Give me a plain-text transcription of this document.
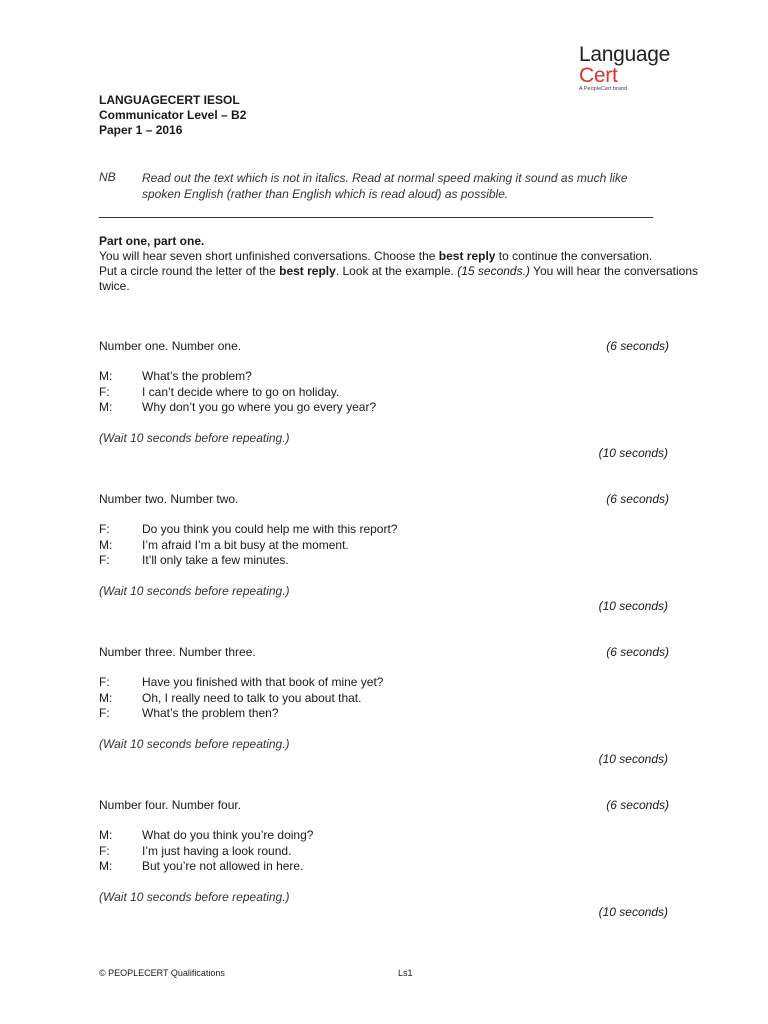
Language
Cert
A PeopleCert brand
LANGUAGECERT IESOL
Communicator Level – B2
Paper 1 – 2016
NB Read out the text which is not in italics. Read at normal speed making it sound as much like spoken English (rather than English which is read aloud) as possible.
Part one, part one.

You will hear seven short unfinished conversations. Choose the best reply to continue the conversation.

Put a circle round the letter of the best reply. Look at the example. (15 seconds.) You will hear the conversations twice.

Number one. Number one.	(6 seconds)
M: What’s the problem?
F:	I can’t decide where to go on holiday.
M: Why don’t you go where you go every year?
(Wait 10 seconds before repeating.)
(10 seconds)
Number two. Number two.	(6 seconds)
F:	Do you think you could help me with this report?
M: I’m afraid I’m a bit busy at the moment.
F:	It’ll only take a few minutes.
(Wait 10 seconds before repeating.)
(10 seconds)
Number three. Number three.	(6 seconds)
F:	Have you finished with that book of mine yet?
M: Oh, I really need to talk to you about that.
F:	What’s the problem then?
(Wait 10 seconds before repeating.)
(10 seconds)
Number four. Number four.	(6 seconds)
M: What do you think you’re doing?
F:	I’m just having a look round.
M: But you’re not allowed in here.
(Wait 10 seconds before repeating.)
(10 seconds)
© PEOPLECERT Qualifications	Ls1
